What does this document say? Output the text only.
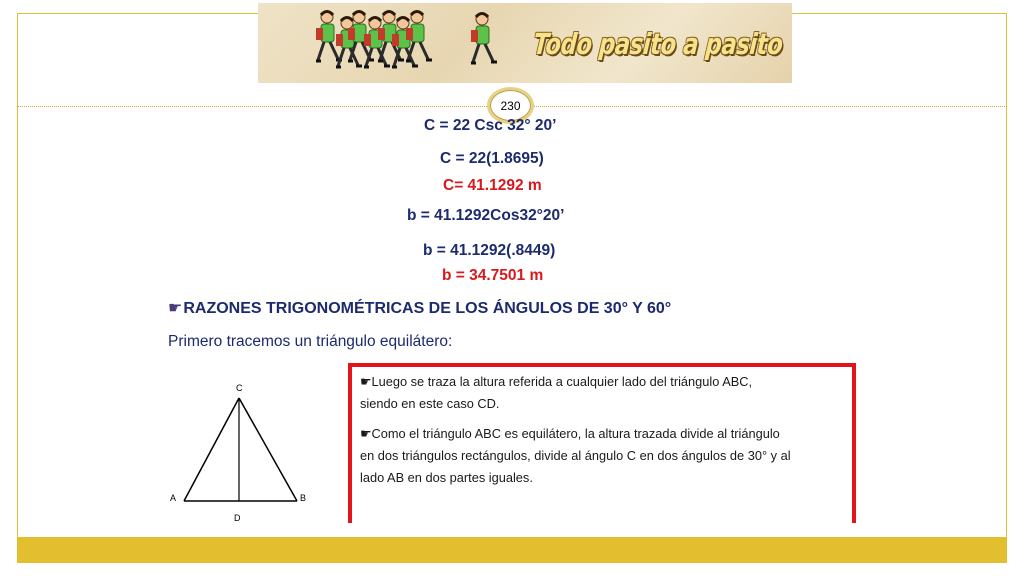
Todo pasito a pasito
230
C = 22 Csc 32° 20’
C = 22(1.8695)
C= 41.1292 m
b = 41.1292Cos32°20’
b = 41.1292(.8449)
b = 34.7501 m
☛RAZONES TRIGONOMÉTRICAS DE LOS ÁNGULOS DE 30° Y 60°
Primero tracemos un triángulo equilátero:
C
A	B
D
☛Luego se traza la altura referida a cualquier lado del triángulo ABC,
siendo en este caso CD.
☛Como el triángulo ABC es equilátero, la altura trazada divide al triángulo
en dos triángulos rectángulos, divide al ángulo C en dos ángulos de 30° y al
lado AB en dos partes iguales.
